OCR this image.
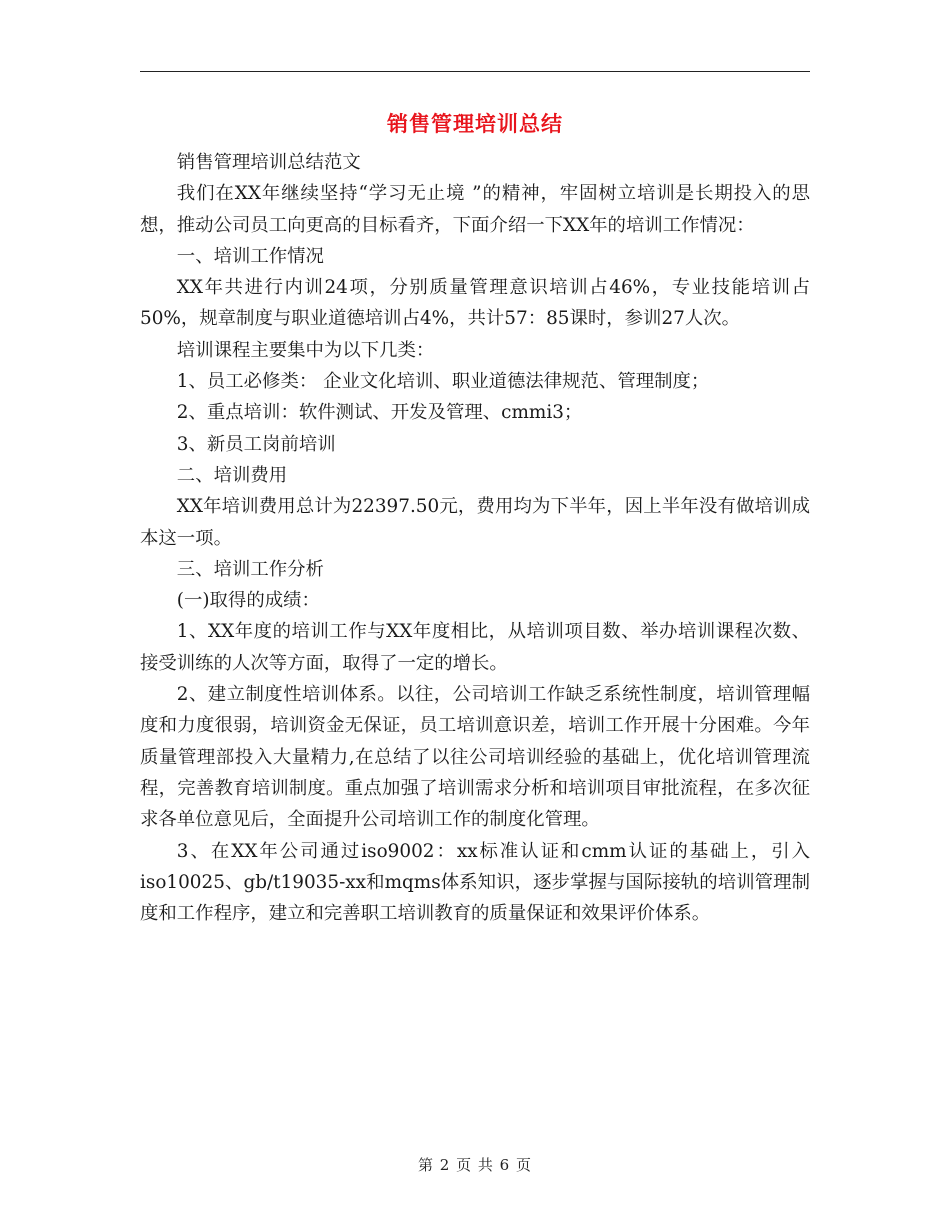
销售管理培训总结

销售管理培训总结范文

我们在XX年继续坚持“学习无止境 ”的精神，牢固树立培训是长期投入的思想，推动公司员工向更高的目标看齐，下面介绍一下XX年的培训工作情况：

一、培训工作情况

XX年共进行内训24项，分别质量管理意识培训占46%，专业技能培训占50%，规章制度与职业道德培训占4%，共计57：85课时，参训27人次。

培训课程主要集中为以下几类：

1、员工必修类： 企业文化培训、职业道德法律规范、管理制度；

2、重点培训：软件测试、开发及管理、cmmi3；

3、新员工岗前培训

二、培训费用

XX年培训费用总计为22397.50元，费用均为下半年，因上半年没有做培训成本这一项。

三、培训工作分析

(一)取得的成绩：

1、XX年度的培训工作与XX年度相比，从培训项目数、举办培训课程次数、接受训练的人次等方面，取得了一定的增长。

2、建立制度性培训体系。以往，公司培训工作缺乏系统性制度，培训管理幅度和力度很弱，培训资金无保证，员工培训意识差，培训工作开展十分困难。今年质量管理部投入大量精力,在总结了以往公司培训经验的基础上，优化培训管理流程，完善教育培训制度。重点加强了培训需求分析和培训项目审批流程，在多次征求各单位意见后，全面提升公司培训工作的制度化管理。

3、在XX年公司通过iso9002：xx标准认证和cmm认证的基础上，引入iso10025、gb/t19035-xx和mqms体系知识，逐步掌握与国际接轨的培训管理制度和工作程序，建立和完善职工培训教育的质量保证和效果评价体系。

第 2 页 共 6 页
